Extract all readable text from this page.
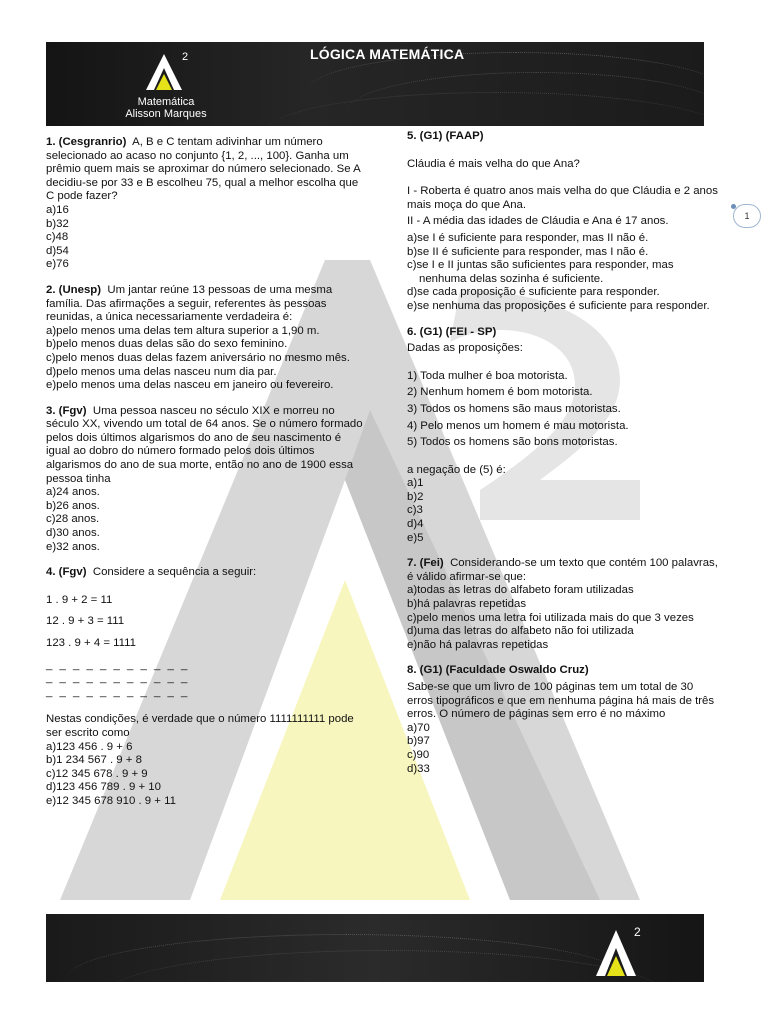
LÓGICA MATEMÁTICA
2
Matemática
Alisson Marques
1

1. (Cesgranrio) A, B e C tentam adivinhar um número selecionado ao acaso no conjunto {1, 2, ..., 100}. Ganha um prêmio quem mais se aproximar do número selecionado. Se A decidiu-se por 33 e B escolheu 75, qual a melhor escolha que C pode fazer?

a)16
b)32
c)48
d)54
e)76

2. (Unesp) Um jantar reúne 13 pessoas de uma mesma família. Das afirmações a seguir, referentes às pessoas reunidas, a única necessariamente verdadeira é:

a)pelo menos uma delas tem altura superior a 1,90 m.
b)pelo menos duas delas são do sexo feminino.
c)pelo menos duas delas fazem aniversário no mesmo mês.
d)pelo menos uma delas nasceu num dia par.
e)pelo menos uma delas nasceu em janeiro ou fevereiro.

3. (Fgv) Uma pessoa nasceu no século XIX e morreu no século XX, vivendo um total de 64 anos. Se o número formado pelos dois últimos algarismos do ano de seu nascimento é igual ao dobro do número formado pelos dois últimos algarismos do ano de sua morte, então no ano de 1900 essa pessoa tinha

a)24 anos.
b)26 anos.
c)28 anos.
d)30 anos.
e)32 anos.

4. (Fgv) Considere a sequência a seguir:

1 . 9 + 2 = 11
12 . 9 + 3 = 111
123 . 9 + 4 = 1111
_ _ _ _ _ _ _ _ _ _ _
_ _ _ _ _ _ _ _ _ _ _
_ _ _ _ _ _ _ _ _ _ _

Nestas condições, é verdade que o número 1111111111 pode ser escrito como

a)123 456 . 9 + 6
b)1 234 567 . 9 + 8
c)12 345 678 . 9 + 9
d)123 456 789 . 9 + 10
e)12 345 678 910 . 9 + 11

5. (G1) (FAAP)

Cláudia é mais velha do que Ana?

I - Roberta é quatro anos mais velha do que Cláudia e 2 anos mais moça do que Ana.

II - A média das idades de Cláudia e Ana é 17 anos.

a)se I é suficiente para responder, mas II não é.
b)se II é suficiente para responder, mas I não é.
c)se I e II juntas são suficientes para responder, mas nenhuma delas sozinha é suficiente.
d)se cada proposição é suficiente para responder.
e)se nenhuma das proposições é suficiente para responder.

6. (G1) (FEI - SP)

Dadas as proposições:

1) Toda mulher é boa motorista.
2) Nenhum homem é bom motorista.
3) Todos os homens são maus motoristas.
4) Pelo menos um homem é mau motorista.
5) Todos os homens são bons motoristas.

a negação de (5) é:

a)1
b)2
c)3
d)4
e)5

7. (Fei) Considerando-se um texto que contém 100 palavras, é válido afirmar-se que:

a)todas as letras do alfabeto foram utilizadas
b)há palavras repetidas
c)pelo menos uma letra foi utilizada mais do que 3 vezes
d)uma das letras do alfabeto não foi utilizada
e)não há palavras repetidas

8. (G1) (Faculdade Oswaldo Cruz)

Sabe-se que um livro de 100 páginas tem um total de 30 erros tipográficos e que em nenhuma página há mais de três erros. O número de páginas sem erro é no máximo

a)70
b)97
c)90
d)33
2
